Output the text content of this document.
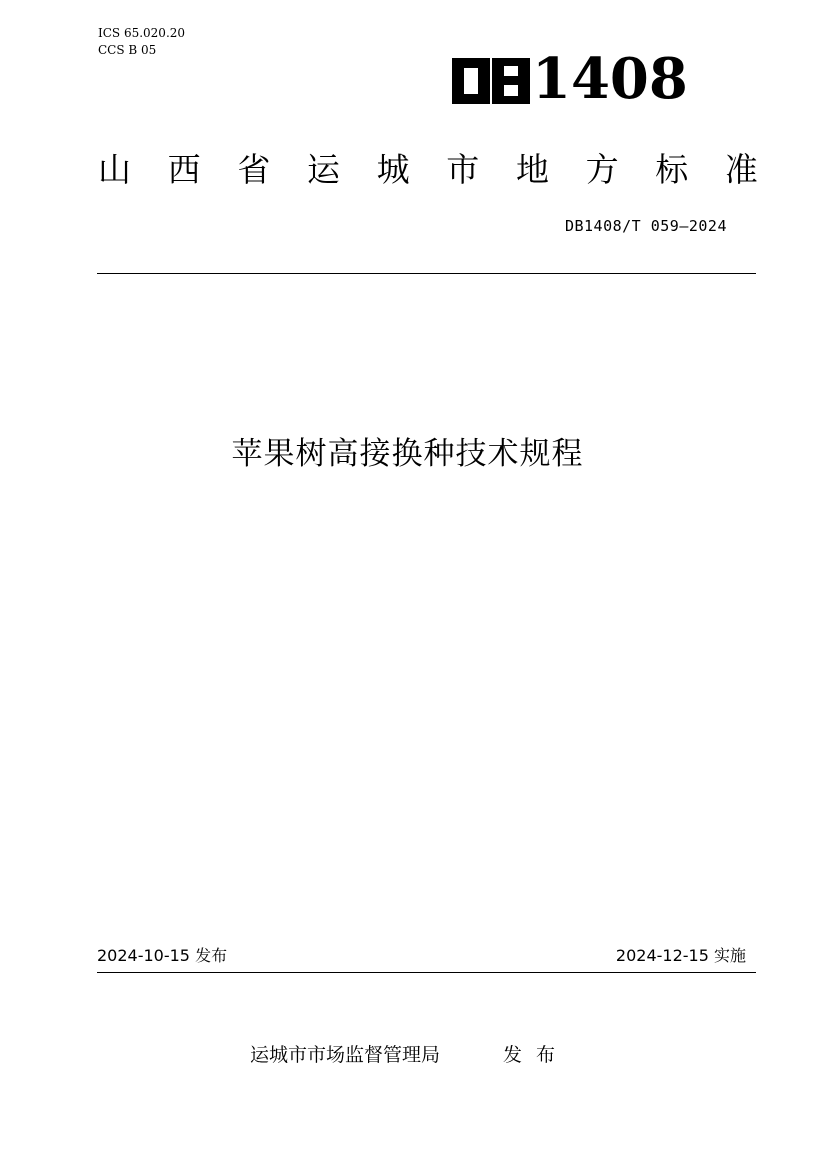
ICS 65.020.20
CCS B 05	1408
山 西 省 运 城 市 地 方 标 准
DB1408/T 059—2024
苹果树高接换种技术规程
2024-10-15 发布	2024-12-15 实施
运城市市场监督管理局	发布
